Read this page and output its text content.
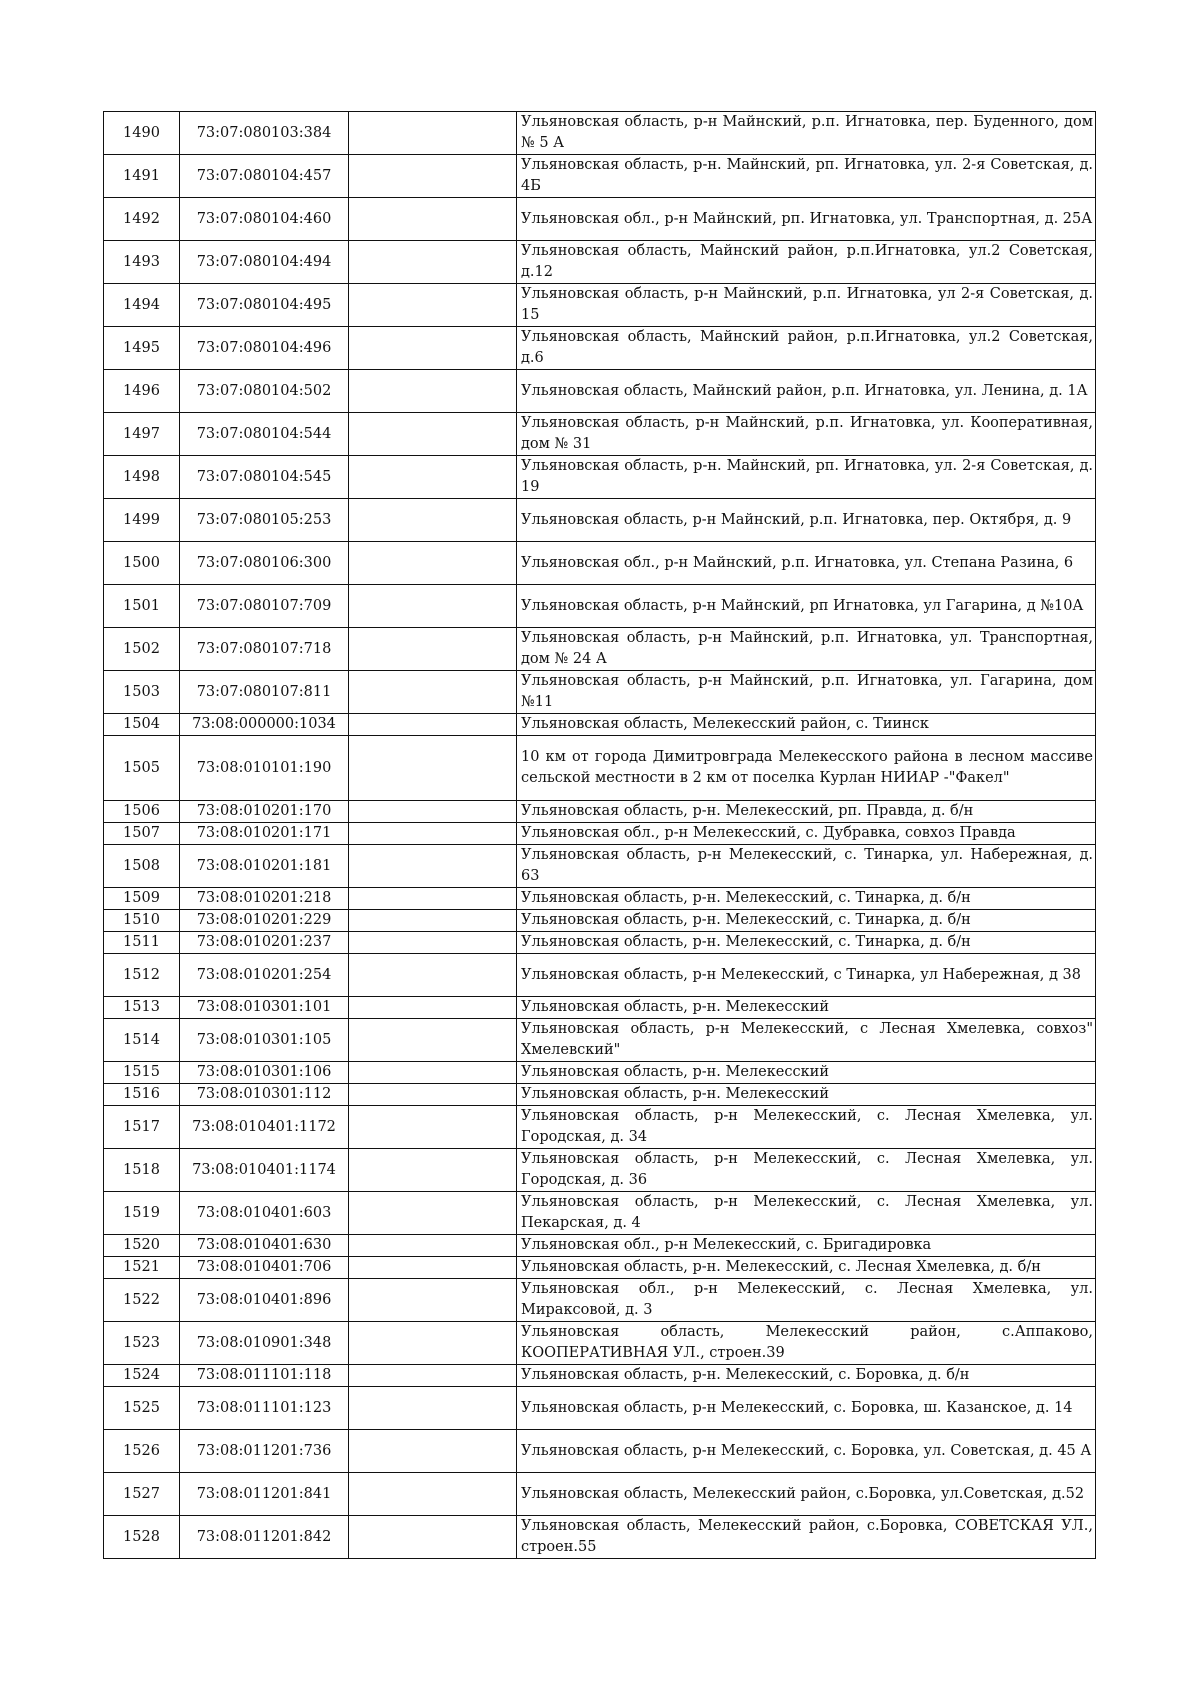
1490	73:07:080103:384		Ульяновская область, р-н Майнский, р.п. Игнатовка, пер. Буденного, дом № 5 А
1491	73:07:080104:457		Ульяновская область, р-н. Майнский, рп. Игнатовка, ул. 2-я Советская, д. 4Б
1492	73:07:080104:460		Ульяновская обл., р-н Майнский, рп. Игнатовка, ул. Транспортная, д. 25А
1493	73:07:080104:494		Ульяновская область, Майнский район, р.п.Игнатовка, ул.2 Советская, д.12
1494	73:07:080104:495		Ульяновская область, р-н Майнский, р.п. Игнатовка, ул 2-я Советская, д. 15
1495	73:07:080104:496		Ульяновская область, Майнский район, р.п.Игнатовка, ул.2 Советская, д.6
1496	73:07:080104:502		Ульяновская область, Майнский район, р.п. Игнатовка, ул. Ленина, д. 1А
1497	73:07:080104:544		Ульяновская область, р-н Майнский, р.п. Игнатовка, ул. Кооперативная, дом № 31
1498	73:07:080104:545		Ульяновская область, р-н. Майнский, рп. Игнатовка, ул. 2-я Советская, д. 19
1499	73:07:080105:253		Ульяновская область, р-н Майнский, р.п. Игнатовка, пер. Октября, д. 9
1500	73:07:080106:300		Ульяновская обл., р-н Майнский, р.п. Игнатовка, ул. Степана Разина, 6
1501	73:07:080107:709		Ульяновская область, р-н Майнский, рп Игнатовка, ул Гагарина, д №10А
1502	73:07:080107:718		Ульяновская область, р-н Майнский, р.п. Игнатовка, ул. Транспортная, дом № 24 А
1503	73:07:080107:811		Ульяновская область, р-н Майнский, р.п. Игнатовка, ул. Гагарина, дом №11
1504	73:08:000000:1034		Ульяновская область, Мелекесский район, с. Тиинск
1505	73:08:010101:190		10 км от города Димитровграда Мелекесского района в лесном массиве сельской местности в 2 км от поселка Курлан НИИАР -"Факел"
1506	73:08:010201:170		Ульяновская область, р-н. Мелекесский, рп. Правда, д. б/н
1507	73:08:010201:171		Ульяновская обл., р-н Мелекесский, с. Дубравка, совхоз Правда
1508	73:08:010201:181		Ульяновская область, р-н Мелекесский, с. Тинарка, ул. Набережная, д. 63
1509	73:08:010201:218		Ульяновская область, р-н. Мелекесский, с. Тинарка, д. б/н
1510	73:08:010201:229		Ульяновская область, р-н. Мелекесский, с. Тинарка, д. б/н
1511	73:08:010201:237		Ульяновская область, р-н. Мелекесский, с. Тинарка, д. б/н
1512	73:08:010201:254		Ульяновская область, р-н Мелекесский, с Тинарка, ул Набережная, д 38
1513	73:08:010301:101		Ульяновская область, р-н. Мелекесский
1514	73:08:010301:105		Ульяновская область, р-н Мелекесский, с Лесная Хмелевка, совхоз" Хмелевский"
1515	73:08:010301:106		Ульяновская область, р-н. Мелекесский
1516	73:08:010301:112		Ульяновская область, р-н. Мелекесский
1517	73:08:010401:1172		Ульяновская область, р-н Мелекесский, с. Лесная Хмелевка, ул. Городская, д. 34
1518	73:08:010401:1174		Ульяновская область, р-н Мелекесский, с. Лесная Хмелевка, ул. Городская, д. 36
1519	73:08:010401:603		Ульяновская область, р-н Мелекесский, с. Лесная Хмелевка, ул. Пекарская, д. 4
1520	73:08:010401:630		Ульяновская обл., р-н Мелекесский, с. Бригадировка
1521	73:08:010401:706		Ульяновская область, р-н. Мелекесский, с. Лесная Хмелевка, д. б/н
1522	73:08:010401:896		Ульяновская обл., р-н Мелекесский, с. Лесная Хмелевка, ул. Мираксовой, д. 3
1523	73:08:010901:348		Ульяновская область, Мелекесский район, с.Аппаково, КООПЕРАТИВНАЯ УЛ., строен.39
1524	73:08:011101:118		Ульяновская область, р-н. Мелекесский, с. Боровка, д. б/н
1525	73:08:011101:123		Ульяновская область, р-н Мелекесский, с. Боровка, ш. Казанское, д. 14
1526	73:08:011201:736		Ульяновская область, р-н Мелекесский, с. Боровка, ул. Советская, д. 45 А
1527	73:08:011201:841		Ульяновская область, Мелекесский район, с.Боровка, ул.Советская, д.52
1528	73:08:011201:842		Ульяновская область, Мелекесский район, с.Боровка, СОВЕТСКАЯ УЛ., строен.55
